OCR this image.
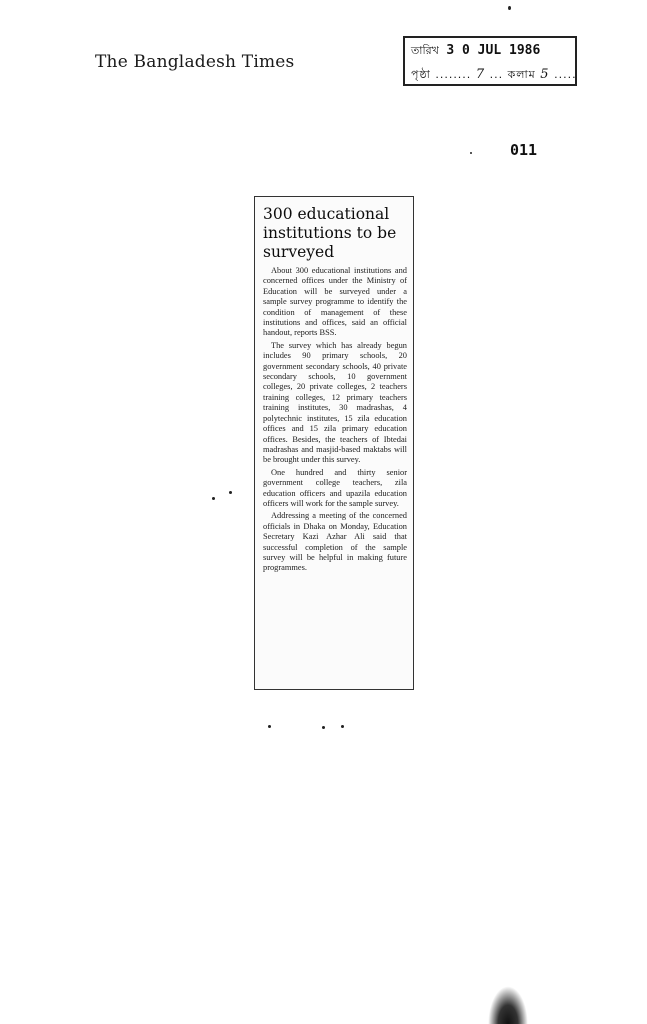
The Bangladesh Times
তারিখ 3 0 JUL 1986
পৃষ্ঠা ........ 7 ... কলাম 5 .....
011
300 educational institutions to be surveyed

About 300 educational institutions and concerned offices under the Ministry of Education will be surveyed under a sample survey programme to identify the condition of management of these institutions and offices, said an official handout, reports BSS.

The survey which has already begun includes 90 primary schools, 20 government secondary schools, 40 private secondary schools, 10 government colleges, 20 private colleges, 2 teachers training colleges, 12 primary teachers training institutes, 30 madrashas, 4 polytechnic institutes, 15 zila education offices and 15 zila primary education offices. Besides, the teachers of Ibtedai madrashas and masjid-based maktabs will be brought under this survey.

One hundred and thirty senior government college teachers, zila education officers and upazila education officers will work for the sample survey.

Addressing a meeting of the concerned officials in Dhaka on Monday, Education Secretary Kazi Azhar Ali said that successful completion of the sample survey will be helpful in making future programmes.
